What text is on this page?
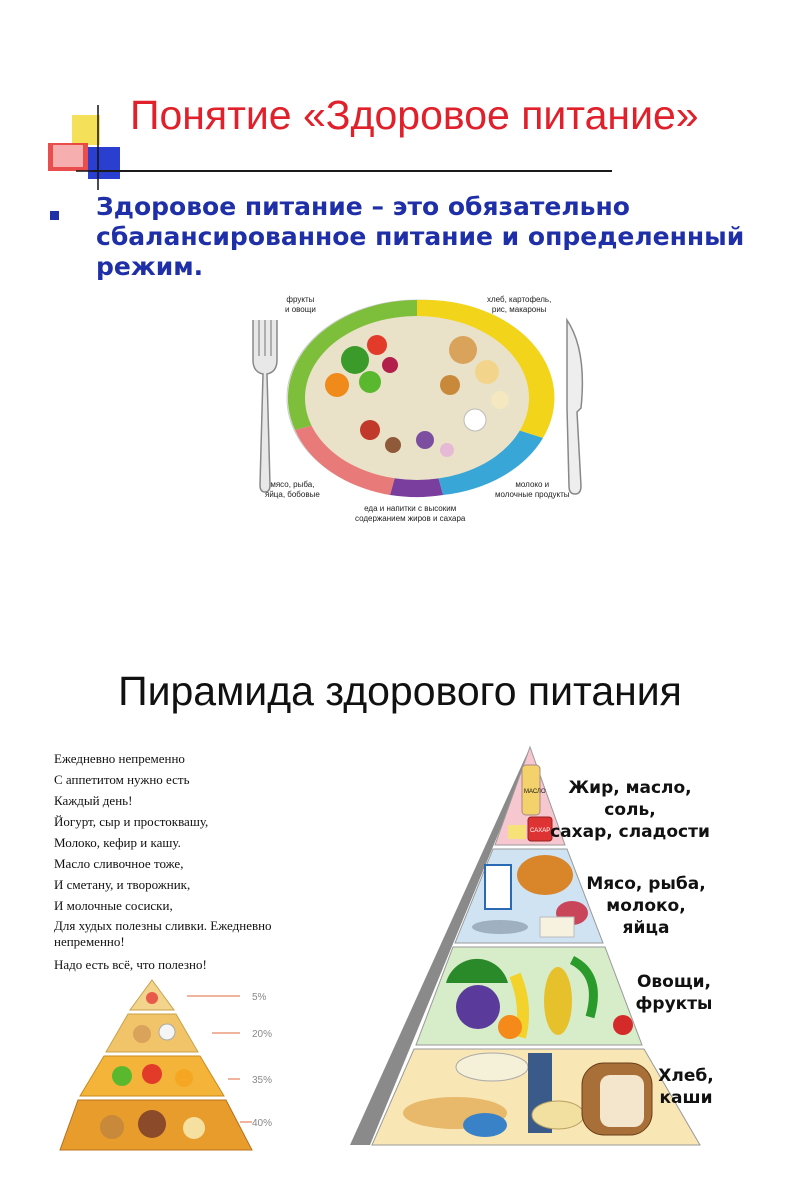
Понятие «Здоровое питание»
Здоровое питание – это обязательно сбалансированное питание и определенный режим.
фрукты
и овощи
хлеб, картофель,
рис, макароны
мясо, рыба,
яйца, бобовые
еда и напитки с высоким
содержанием жиров и сахара
молоко и
молочные продукты
Пирамида здорового питания
Ежедневно непременно
С аппетитом нужно есть
Каждый день!
Йогурт, сыр и простоквашу,
Молоко, кефир и кашу.
Масло сливочное тоже,
И сметану, и творожник,
И молочные сосиски,
Для худых полезны сливки. Ежедневно непременно!
Надо есть всё, что полезно!
5%
20%
35%
40%
МАСЛО
САХАР
Жир, масло, соль,
сахар, сладости
Мясо, рыба,
молоко, яйца
Овощи,
фрукты
Хлеб,
каши
